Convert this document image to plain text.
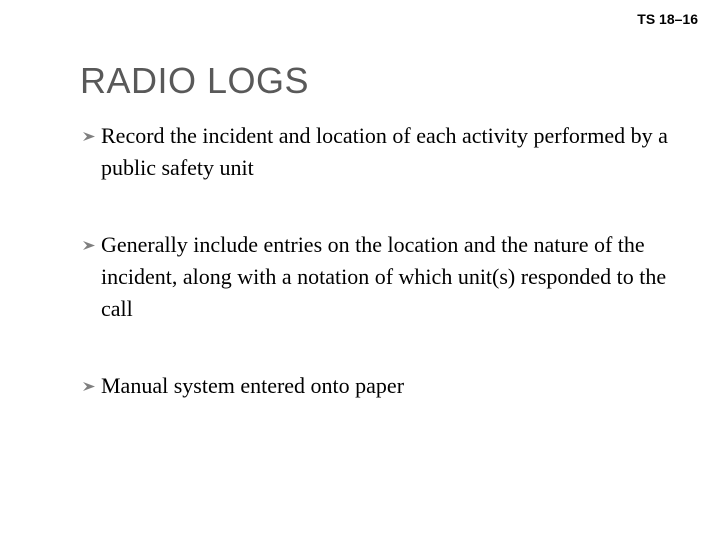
TS 18–16
RADIO LOGS
Record the incident and location of each activity performed by a public safety unit
Generally include entries on the location and the nature of the incident, along with a notation of which unit(s) responded to the call
Manual system entered onto paper
